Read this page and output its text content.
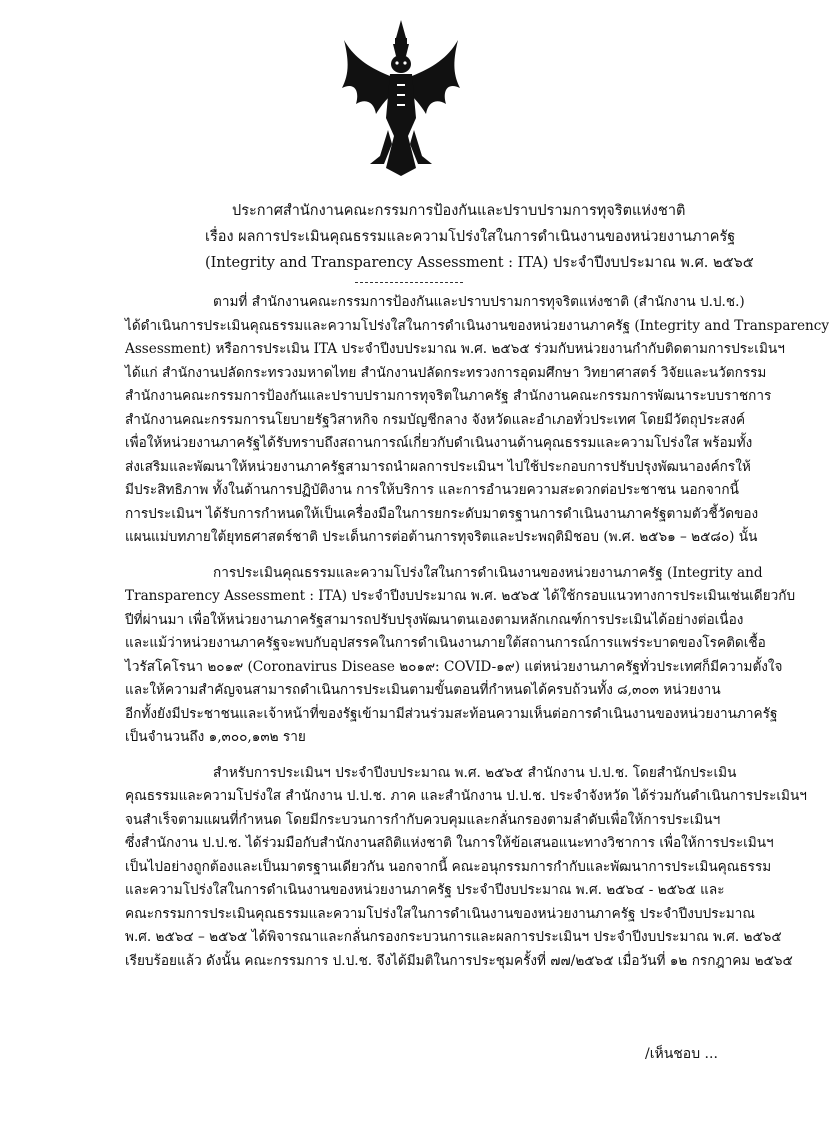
ประกาศสำนักงานคณะกรรมการป้องกันและปราบปรามการทุจริตแห่งชาติ
เรื่อง ผลการประเมินคุณธรรมและความโปร่งใสในการดำเนินงานของหน่วยงานภาครัฐ
(Integrity and Transparency Assessment : ITA) ประจำปีงบประมาณ พ.ศ. ๒๕๖๕
ตามที่ สำนักงานคณะกรรมการป้องกันและปราบปรามการทุจริตแห่งชาติ (สำนักงาน ป.ป.ช.)
ได้ดำเนินการประเมินคุณธรรมและความโปร่งใสในการดำเนินงานของหน่วยงานภาครัฐ (Integrity and Transparency
Assessment) หรือการประเมิน ITA ประจำปีงบประมาณ พ.ศ. ๒๕๖๕ ร่วมกับหน่วยงานกำกับติดตามการประเมินฯ
ได้แก่ สำนักงานปลัดกระทรวงมหาดไทย สำนักงานปลัดกระทรวงการอุดมศึกษา วิทยาศาสตร์ วิจัยและนวัตกรรม
สำนักงานคณะกรรมการป้องกันและปราบปรามการทุจริตในภาครัฐ สำนักงานคณะกรรมการพัฒนาระบบราชการ
สำนักงานคณะกรรมการนโยบายรัฐวิสาหกิจ กรมบัญชีกลาง จังหวัดและอำเภอทั่วประเทศ โดยมีวัตถุประสงค์
เพื่อให้หน่วยงานภาครัฐได้รับทราบถึงสถานการณ์เกี่ยวกับดำเนินงานด้านคุณธรรมและความโปร่งใส พร้อมทั้ง
ส่งเสริมและพัฒนาให้หน่วยงานภาครัฐสามารถนำผลการประเมินฯ ไปใช้ประกอบการปรับปรุงพัฒนาองค์กรให้
มีประสิทธิภาพ ทั้งในด้านการปฏิบัติงาน การให้บริการ และการอำนวยความสะดวกต่อประชาชน นอกจากนี้
การประเมินฯ ได้รับการกำหนดให้เป็นเครื่องมือในการยกระดับมาตรฐานการดำเนินงานภาครัฐตามตัวชี้วัดของ
แผนแม่บทภายใต้ยุทธศาสตร์ชาติ ประเด็นการต่อต้านการทุจริตและประพฤติมิชอบ (พ.ศ. ๒๕๖๑ – ๒๕๘๐) นั้น
การประเมินคุณธรรมและความโปร่งใสในการดำเนินงานของหน่วยงานภาครัฐ (Integrity and
Transparency Assessment : ITA) ประจำปีงบประมาณ พ.ศ. ๒๕๖๕ ได้ใช้กรอบแนวทางการประเมินเช่นเดียวกับ
ปีที่ผ่านมา เพื่อให้หน่วยงานภาครัฐสามารถปรับปรุงพัฒนาตนเองตามหลักเกณฑ์การประเมินได้อย่างต่อเนื่อง
และแม้ว่าหน่วยงานภาครัฐจะพบกับอุปสรรคในการดำเนินงานภายใต้สถานการณ์การแพร่ระบาดของโรคติดเชื้อ
ไวรัสโคโรนา ๒๐๑๙ (Coronavirus Disease ๒๐๑๙: COVID-๑๙) แต่หน่วยงานภาครัฐทั่วประเทศก็มีความตั้งใจ
และให้ความสำคัญจนสามารถดำเนินการประเมินตามขั้นตอนที่กำหนดได้ครบถ้วนทั้ง ๘,๓๐๓ หน่วยงาน
อีกทั้งยังมีประชาชนและเจ้าหน้าที่ของรัฐเข้ามามีส่วนร่วมสะท้อนความเห็นต่อการดำเนินงานของหน่วยงานภาครัฐ
เป็นจำนวนถึง ๑,๓๐๐,๑๓๒ ราย
สำหรับการประเมินฯ ประจำปีงบประมาณ พ.ศ. ๒๕๖๕ สำนักงาน ป.ป.ช. โดยสำนักประเมิน
คุณธรรมและความโปร่งใส สำนักงาน ป.ป.ช. ภาค และสำนักงาน ป.ป.ช. ประจำจังหวัด ได้ร่วมกันดำเนินการประเมินฯ
จนสำเร็จตามแผนที่กำหนด โดยมีกระบวนการกำกับควบคุมและกลั่นกรองตามลำดับเพื่อให้การประเมินฯ
ซึ่งสำนักงาน ป.ป.ช. ได้ร่วมมือกับสำนักงานสถิติแห่งชาติ ในการให้ข้อเสนอแนะทางวิชาการ เพื่อให้การประเมินฯ
เป็นไปอย่างถูกต้องและเป็นมาตรฐานเดียวกัน นอกจากนี้ คณะอนุกรรมการกำกับและพัฒนาการประเมินคุณธรรม
และความโปร่งใสในการดำเนินงานของหน่วยงานภาครัฐ ประจำปีงบประมาณ พ.ศ. ๒๕๖๔ - ๒๕๖๕ และ
คณะกรรมการประเมินคุณธรรมและความโปร่งใสในการดำเนินงานของหน่วยงานภาครัฐ ประจำปีงบประมาณ
พ.ศ. ๒๕๖๔ – ๒๕๖๕ ได้พิจารณาและกลั่นกรองกระบวนการและผลการประเมินฯ ประจำปีงบประมาณ พ.ศ. ๒๕๖๕
เรียบร้อยแล้ว ดังนั้น คณะกรรมการ ป.ป.ช. จึงได้มีมติในการประชุมครั้งที่ ๗๗/๒๕๖๕ เมื่อวันที่ ๑๒ กรกฎาคม ๒๕๖๕
/เห็นชอบ ...
